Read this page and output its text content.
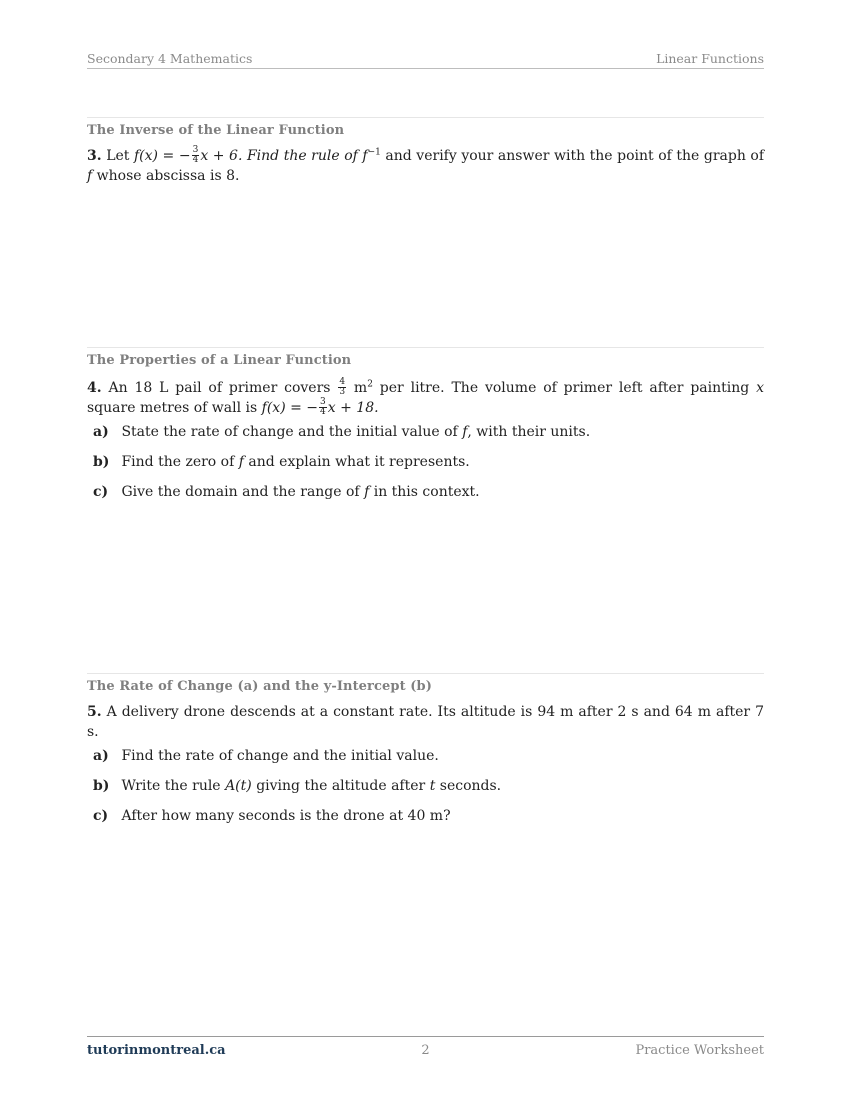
Secondary 4 Mathematics	Linear Functions
The Inverse of the Linear Function
3. Let f(x) = − $\frac{3}{4}$ x + 6. Find the rule of $f^{-1}$ and verify your answer with the point of the graph of f whose abscissa is 8.
The Properties of a Linear Function
4. An 18 L pail of primer covers $\frac{4}{3} m^2$ per litre. The volume of primer left after painting x square metres of wall is f(x) = − $\frac{3}{4}$ x + 18.
a) State the rate of change and the initial value of f, with their units.
b) Find the zero of f and explain what it represents.
c) Give the domain and the range of f in this context.
The Rate of Change (a) and the y-Intercept (b)
5. A delivery drone descends at a constant rate. Its altitude is 94 m after 2 s and 64 m after 7 s.
a) Find the rate of change and the initial value.
b) Write the rule A(t) giving the altitude after t seconds.
c) After how many seconds is the drone at 40 m?
tutorinmontreal.ca	2	Practice Worksheet
